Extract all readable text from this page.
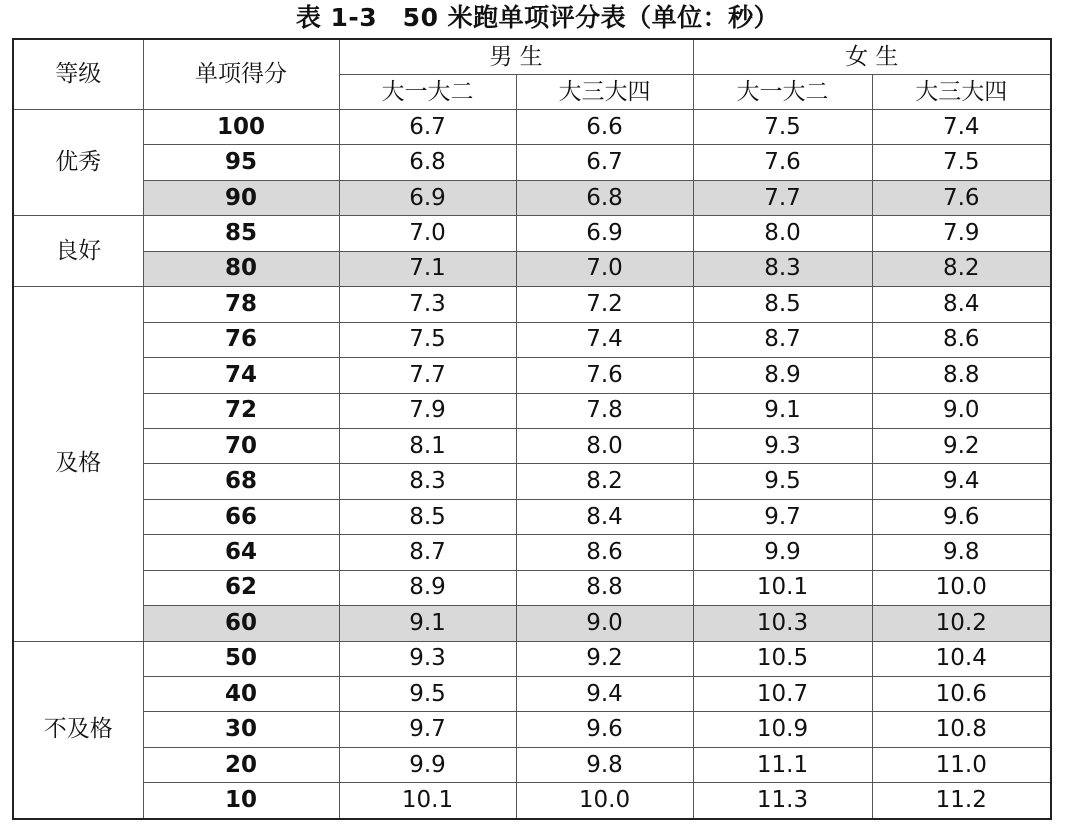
表 1-3　50 米跑单项评分表（单位：秒）
等级	单项得分	男 生		女 生	
		大一大二	大三大四	大一大二	大三大四
优秀	100	6.7	6.6	7.5	7.4
	95	6.8	6.7	7.6	7.5
	90	6.9	6.8	7.7	7.6
良好	85	7.0	6.9	8.0	7.9
	80	7.1	7.0	8.3	8.2
及格	78	7.3	7.2	8.5	8.4
	76	7.5	7.4	8.7	8.6
	74	7.7	7.6	8.9	8.8
	72	7.9	7.8	9.1	9.0
	70	8.1	8.0	9.3	9.2
	68	8.3	8.2	9.5	9.4
	66	8.5	8.4	9.7	9.6
	64	8.7	8.6	9.9	9.8
	62	8.9	8.8	10.1	10.0
	60	9.1	9.0	10.3	10.2
不及格	50	9.3	9.2	10.5	10.4
	40	9.5	9.4	10.7	10.6
	30	9.7	9.6	10.9	10.8
	20	9.9	9.8	11.1	11.0
	10	10.1	10.0	11.3	11.2
